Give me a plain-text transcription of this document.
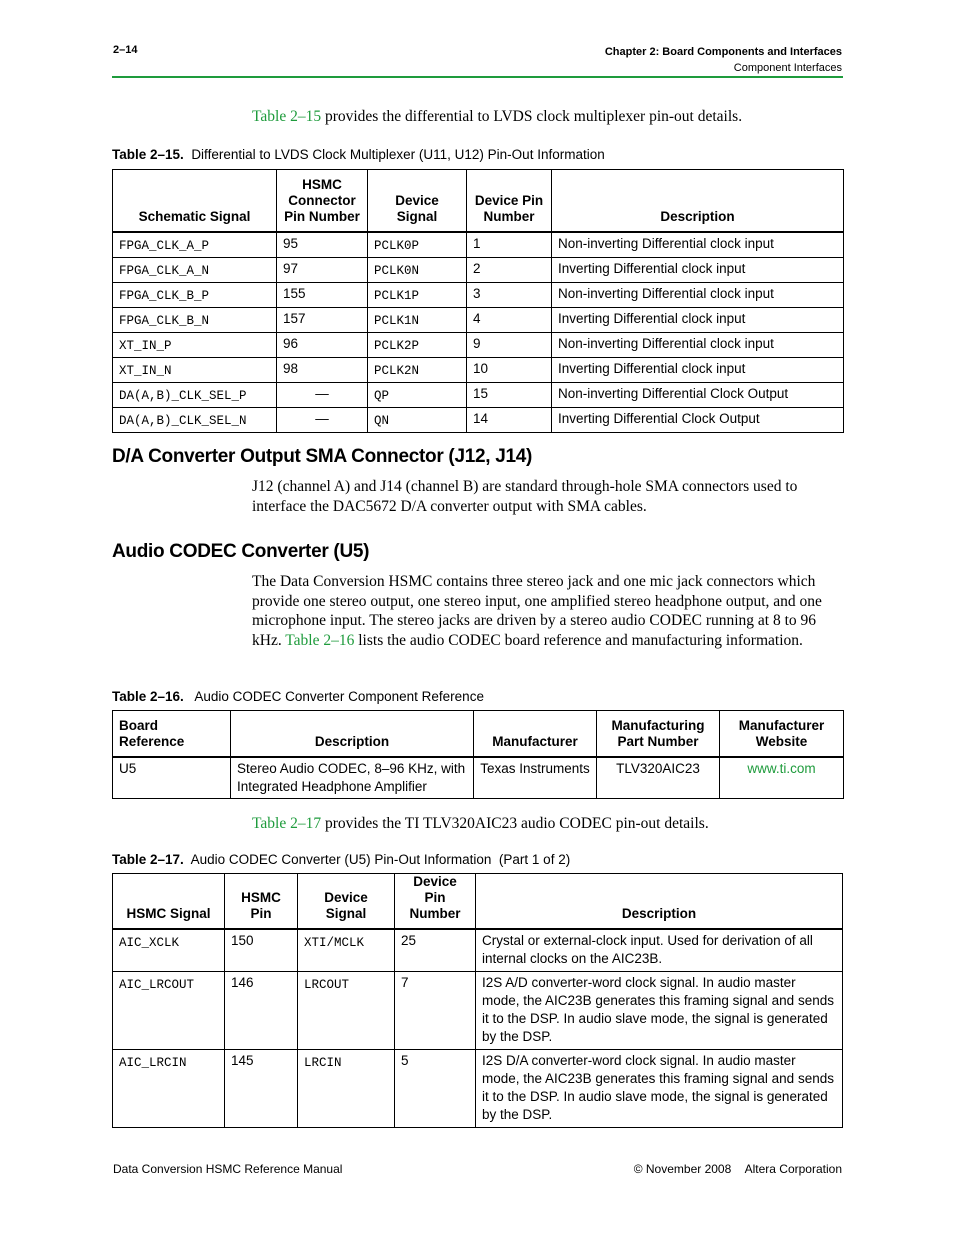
2–14	Chapter 2: Board Components and Interfaces
Component Interfaces
Table 2–15 provides the differential to LVDS clock multiplexer pin-out details.
Table 2–15. Differential to LVDS Clock Multiplexer (U11, U12) Pin-Out Information
Schematic Signal	HSMC Connector Pin Number	Device Signal	Device Pin Number	Description
FPGA_CLK_A_P	95	PCLK0P	1	Non-inverting Differential clock input
FPGA_CLK_A_N	97	PCLK0N	2	Inverting Differential clock input
FPGA_CLK_B_P	155	PCLK1P	3	Non-inverting Differential clock input
FPGA_CLK_B_N	157	PCLK1N	4	Inverting Differential clock input
XT_IN_P	96	PCLK2P	9	Non-inverting Differential clock input
XT_IN_N	98	PCLK2N	10	Inverting Differential clock input
DA(A,B)_CLK_SEL_P	—	QP	15	Non-inverting Differential Clock Output
DA(A,B)_CLK_SEL_N	—	QN	14	Inverting Differential Clock Output
D/A Converter Output SMA Connector (J12, J14)
J12 (channel A) and J14 (channel B) are standard through-hole SMA connectors used to interface the DAC5672 D/A converter output with SMA cables.
Audio CODEC Converter (U5)
The Data Conversion HSMC contains three stereo jack and one mic jack connectors which provide one stereo output, one stereo input, one amplified stereo headphone output, and one microphone input. The stereo jacks are driven by a stereo audio CODEC running at 8 to 96 kHz. Table 2–16 lists the audio CODEC board reference and manufacturing information.
Table 2–16. Audio CODEC Converter Component Reference
Board Reference	Description	Manufacturer	Manufacturing Part Number	Manufacturer Website
U5	Stereo Audio CODEC, 8–96 KHz, with Integrated Headphone Amplifier	Texas Instruments	TLV320AIC23	www.ti.com
Table 2–17 provides the TI TLV320AIC23 audio CODEC pin-out details.
Table 2–17. Audio CODEC Converter (U5) Pin-Out Information  (Part 1 of 2)
HSMC Signal	HSMC Pin	Device Signal	Device Pin Number	Description
AIC_XCLK	150	XTI/MCLK	25	Crystal or external-clock input. Used for derivation of all internal clocks on the AIC23B.
AIC_LRCOUT	146	LRCOUT	7	I2S A/D converter-word clock signal. In audio master mode, the AIC23B generates this framing signal and sends it to the DSP. In audio slave mode, the signal is generated by the DSP.
AIC_LRCIN	145	LRCIN	5	I2S D/A converter-word clock signal. In audio master mode, the AIC23B generates this framing signal and sends it to the DSP. In audio slave mode, the signal is generated by the DSP.
Data Conversion HSMC Reference Manual	© November 2008 Altera Corporation
